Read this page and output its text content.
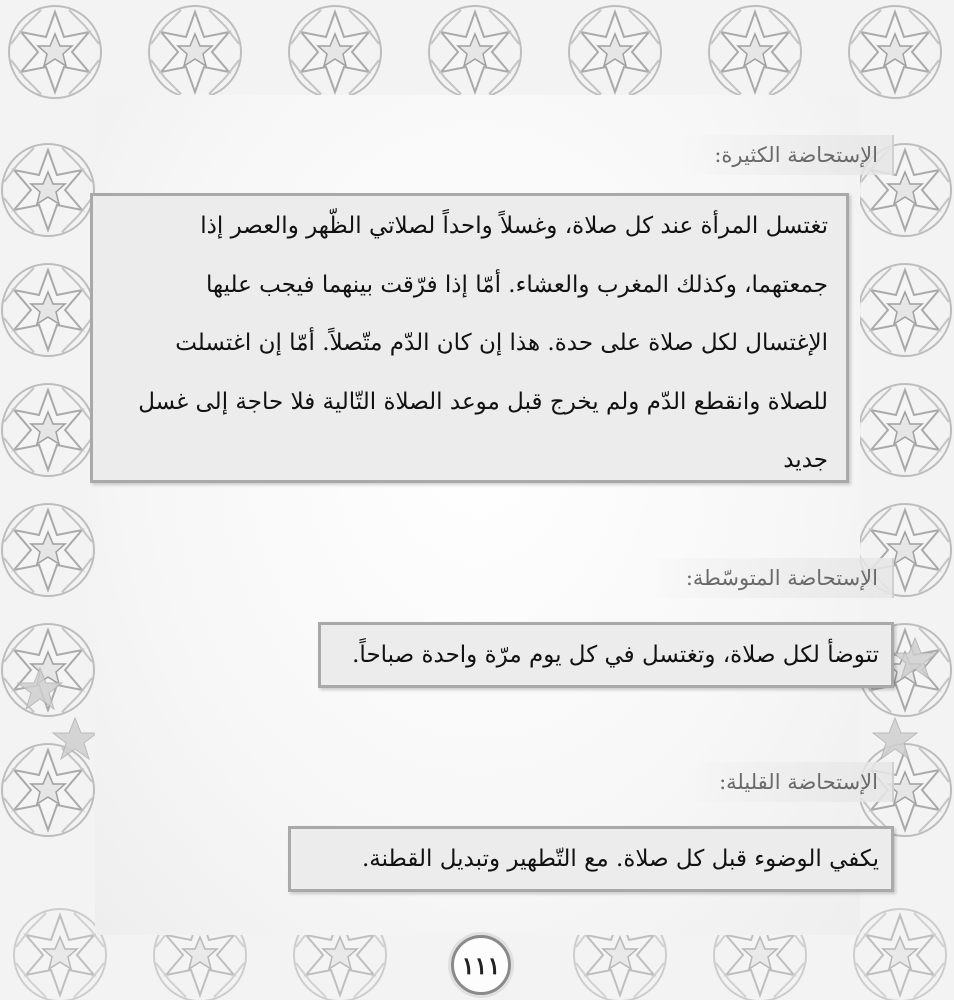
الإستحاضة الكثيرة:
تغتسل المرأة عند كل صلاة، وغسلاً واحداً لصلاتي الظّهر والعصر إذا
جمعتهما، وكذلك المغرب والعشاء. أمّا إذا فرّقت بينهما فيجب عليها
الإغتسال لكل صلاة على حدة. هذا إن كان الدّم متّصلاً. أمّا إن اغتسلت
للصلاة وانقطع الدّم ولم يخرج قبل موعد الصلاة التّالية فلا حاجة إلى غسل
جديد
الإستحاضة المتوسّطة:
تتوضأ لكل صلاة، وتغتسل في كل يوم مرّة واحدة صباحاً.
الإستحاضة القليلة:
يكفي الوضوء قبل كل صلاة. مع التّطهير وتبديل القطنة.
١١١
